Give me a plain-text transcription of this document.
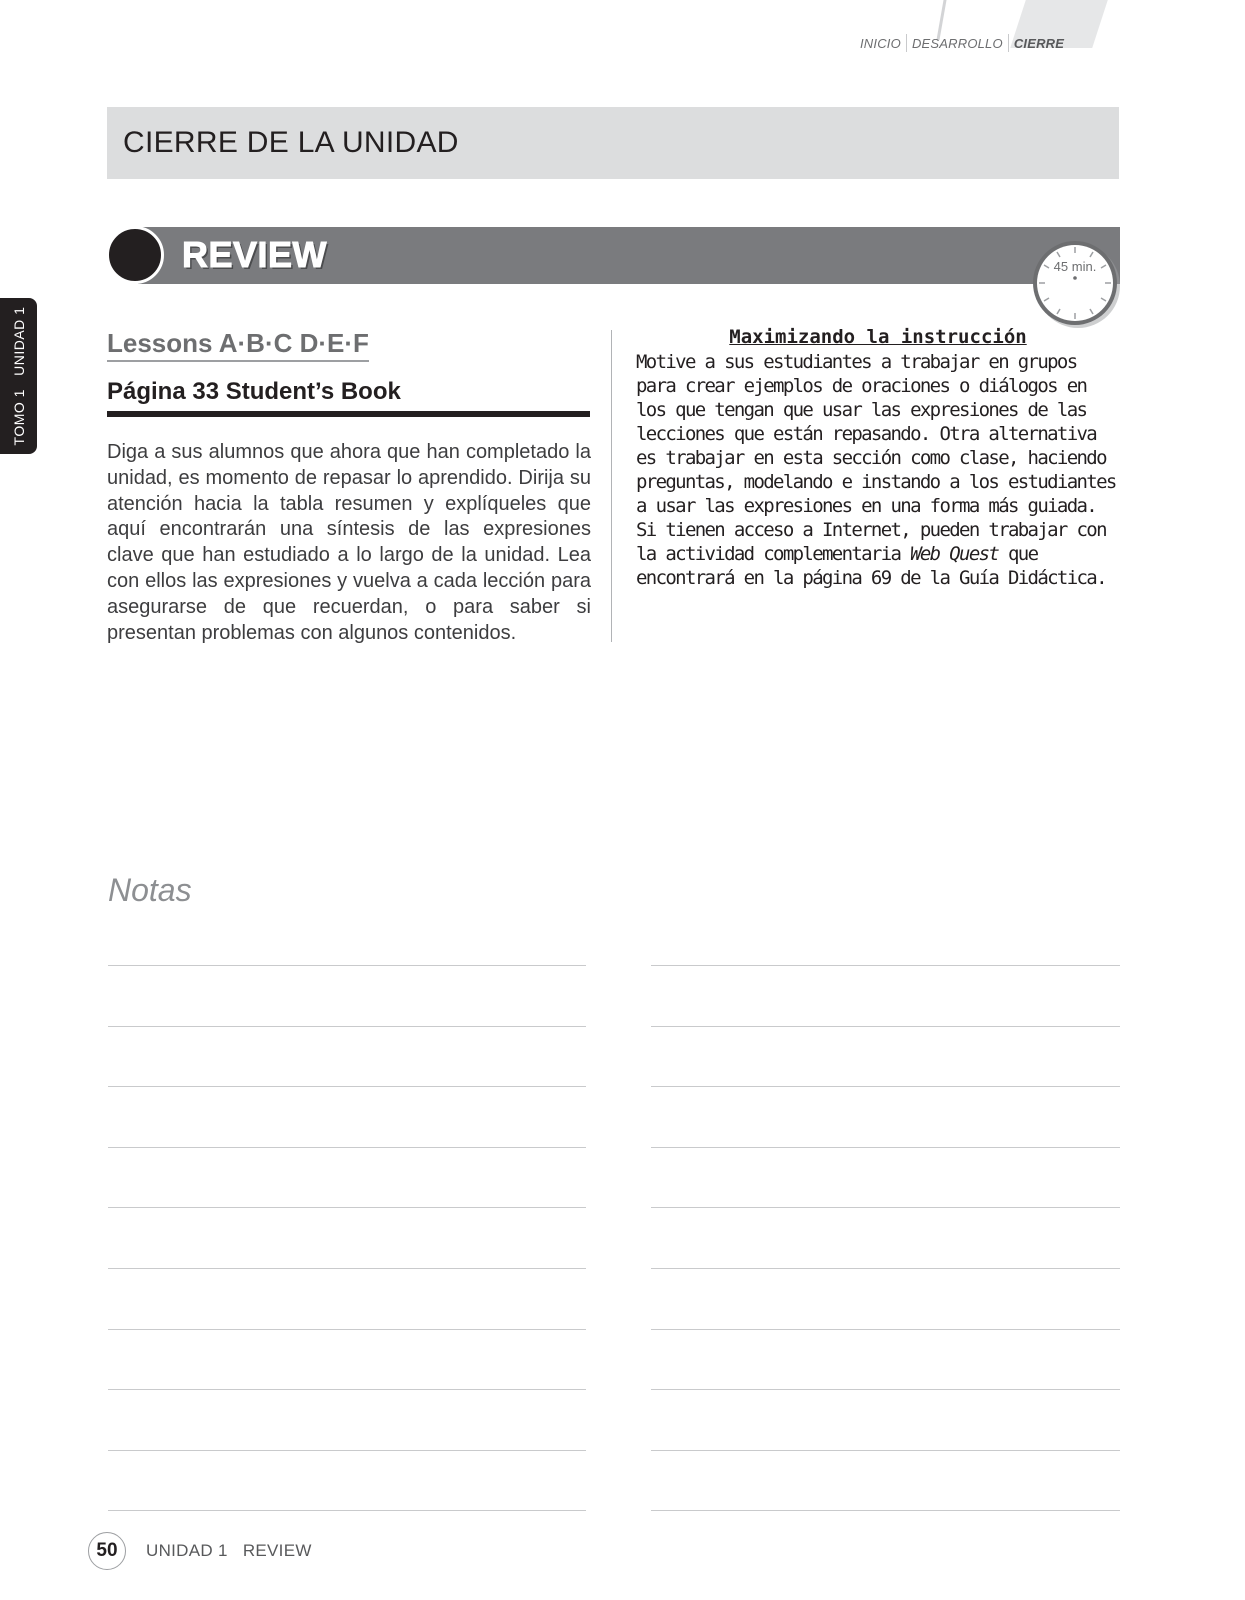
INICIO DESARROLLO CIERRE
CIERRE DE LA UNIDAD
TOMO 1   UNIDAD 1
REVIEW	45 min.
Lessons A·B·C D·E·F
Página 33 Student’s Book
Diga a sus alumnos que ahora que han completado la unidad, es momento de repasar lo aprendido. Dirija su atención hacia la tabla resumen y explíqueles que aquí encontrarán una síntesis de las expresiones clave que han estudiado a lo largo de la unidad. Lea con ellos las expresiones y vuelva a cada lección para asegurarse de que recuerdan, o para saber si presentan problemas con algunos contenidos.
Maximizando la instrucción
Motive a sus estudiantes a trabajar en grupos para crear ejemplos de oraciones o diálogos en los que tengan que usar las expresiones de las lecciones que están repasando. Otra alternativa es trabajar en esta sección como clase, haciendo preguntas, modelando e instando a los estudiantes a usar las expresiones en una forma más guiada. Si tienen acceso a Internet, pueden trabajar con la actividad complementaria Web Quest que encontrará en la página 69 de la Guía Didáctica.
Notas
50	UNIDAD 1   REVIEW
